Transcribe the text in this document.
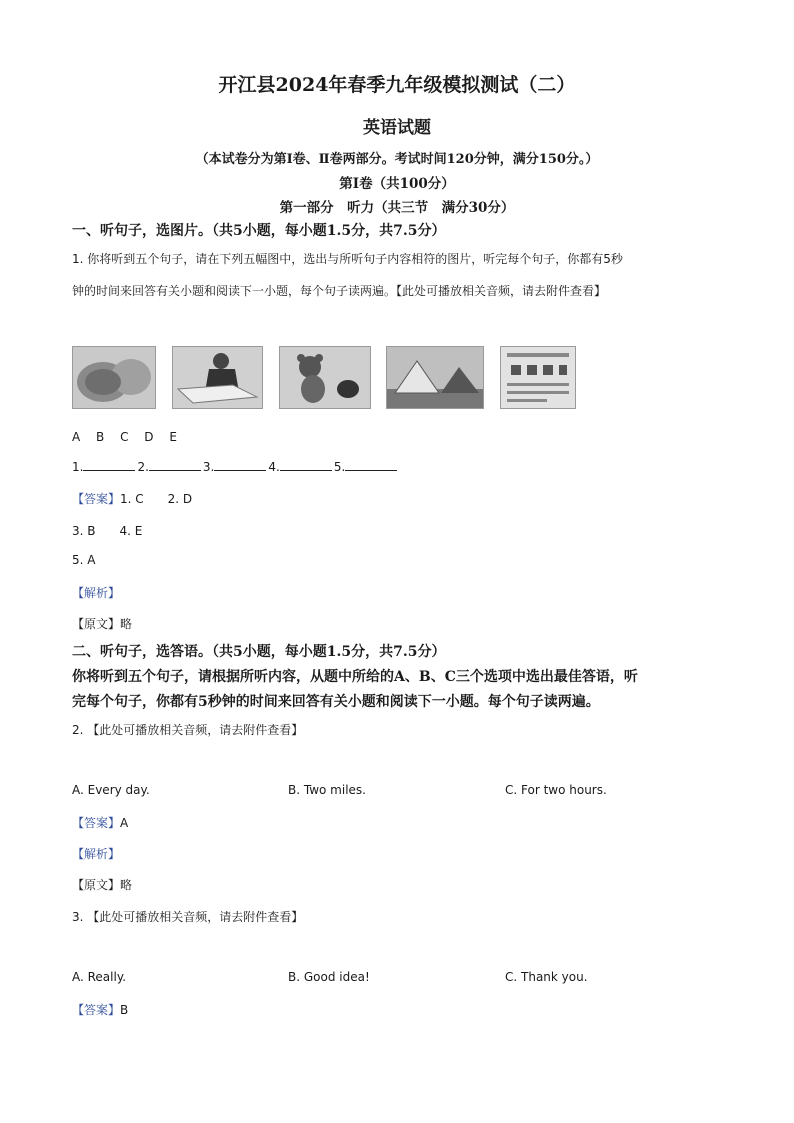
开江县2024年春季九年级模拟测试（二）
英语试题
（本试卷分为第Ⅰ卷、Ⅱ卷两部分。考试时间120分钟，满分150分。）
第Ⅰ卷（共100分）
第一部分　听力（共三节　满分30分）
一、听句子，选图片。（共5小题，每小题1.5分，共7.5分）
1. 你将听到五个句子，请在下列五幅图中，选出与所听句子内容相符的图片，听完每个句子，你都有5秒
钟的时间来回答有关小题和阅读下一小题，每个句子读两遍。【此处可播放相关音频，请去附件查看】
A　 B　 C　 D　 E
1.	2.	3.	4.	5.
【答案】1. C　　2. D
3. B　　4. E
5. A
【解析】
【原文】略
二、听句子，选答语。（共5小题，每小题1.5分，共7.5分）
你将听到五个句子，请根据所听内容，从题中所给的A、B、C三个选项中选出最佳答语，听
完每个句子，你都有5秒钟的时间来回答有关小题和阅读下一小题。每个句子读两遍。
2. 【此处可播放相关音频，请去附件查看】
A. Every day.	B. Two miles.	C. For two hours.
【答案】A
【解析】
【原文】略
3. 【此处可播放相关音频，请去附件查看】
A. Really.	B. Good idea!	C. Thank you.
【答案】B
